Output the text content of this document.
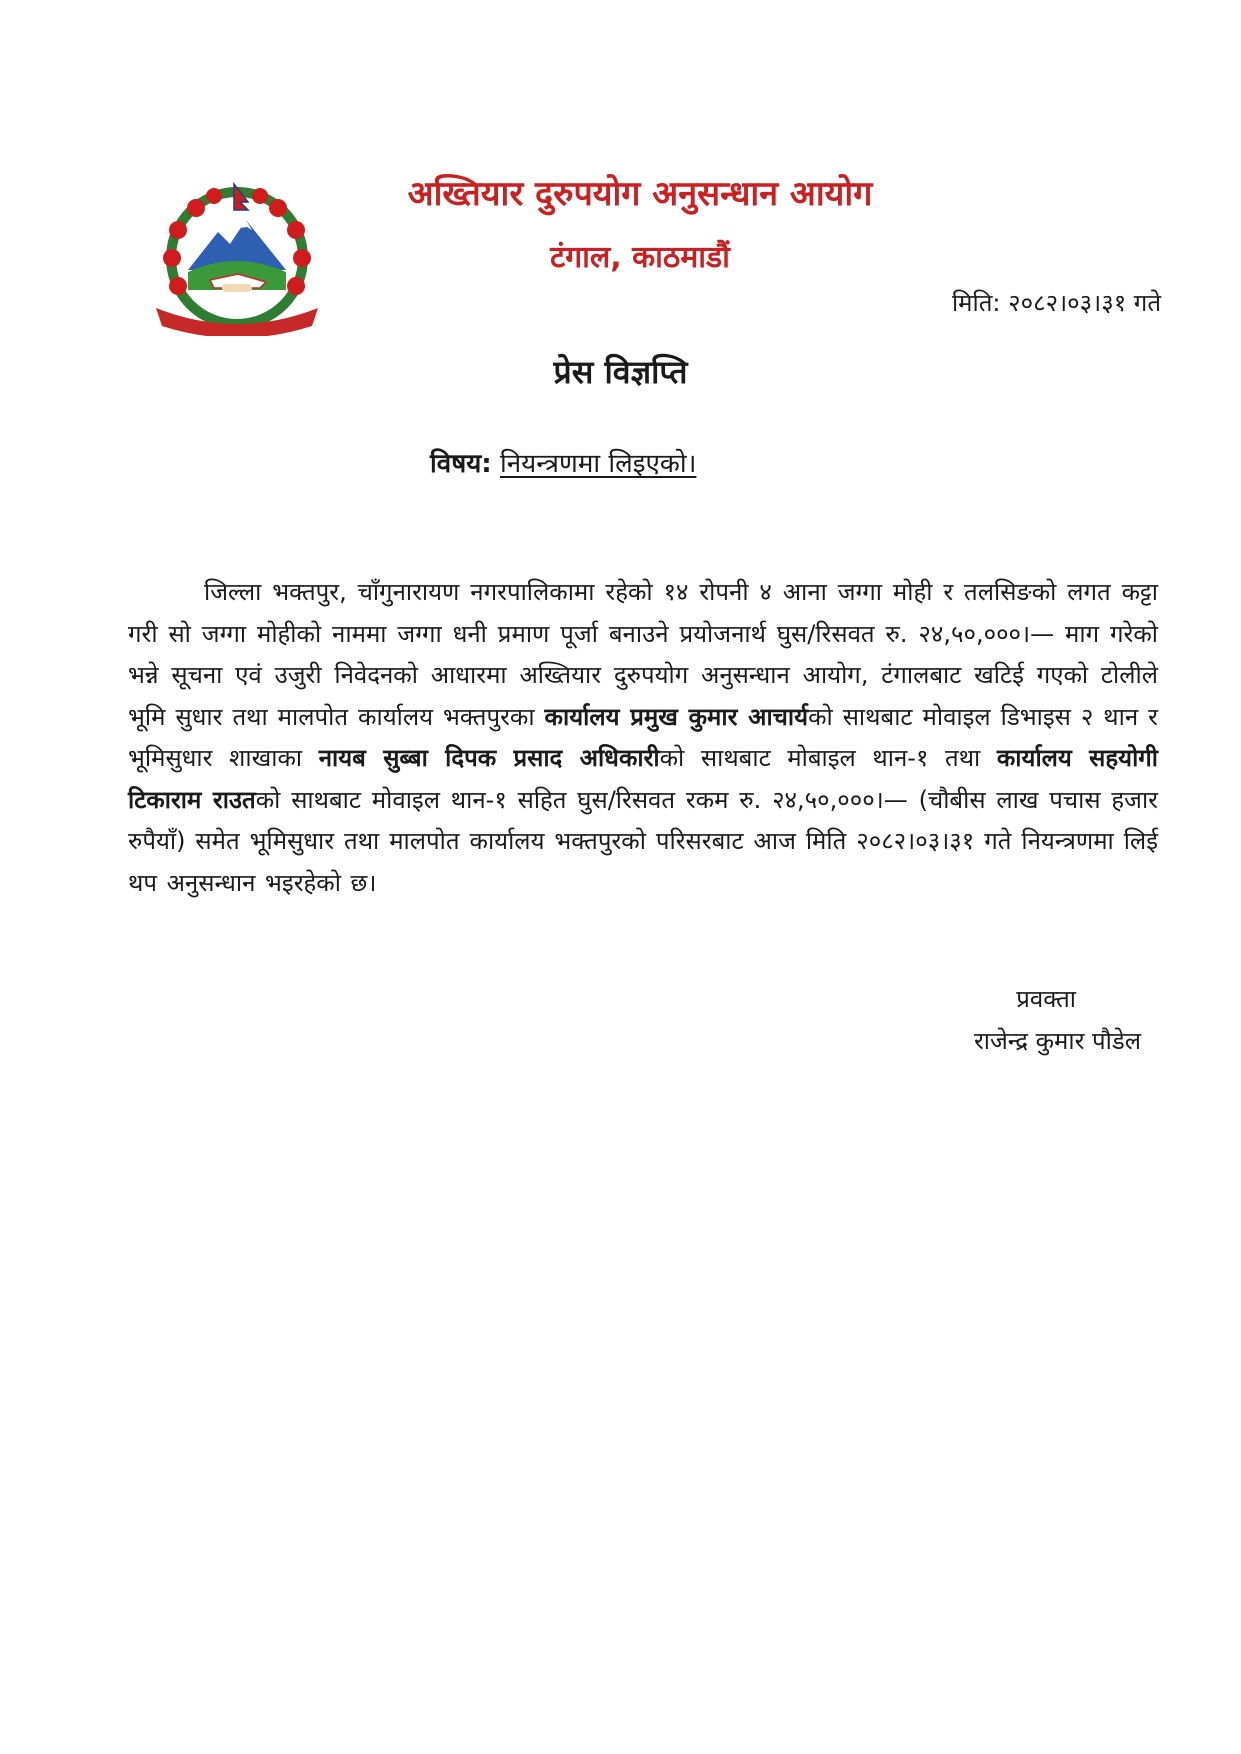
अख्तियार दुरुपयोग अनुसन्धान आयोग
टंगाल, काठमाडौं
मिति: २०८२।०३।३१ गते
प्रेस विज्ञप्ति
विषय: नियन्त्रणमा लिइएको।

जिल्ला भक्तपुर, चाँगुनारायण नगरपालिकामा रहेको १४ रोपनी ४ आना जग्गा मोही र तलसिङको लगत कट्टा गरी सो जग्गा मोहीको नाममा जग्गा धनी प्रमाण पूर्जा बनाउने प्रयोजनार्थ घुस/रिसवत रु. २४,५०,०००।— माग गरेको भन्ने सूचना एवं उजुरी निवेदनको आधारमा अख्तियार दुरुपयोग अनुसन्धान आयोग, टंगालबाट खटिई गएको टोलीले भूमि सुधार तथा मालपोत कार्यालय भक्तपुरका कार्यालय प्रमुख कुमार आचार्यको साथबाट मोवाइल डिभाइस २ थान र भूमिसुधार शाखाका नायब सुब्बा दिपक प्रसाद अधिकारीको साथबाट मोबाइल थान-१ तथा कार्यालय सहयोगी टिकाराम राउतको साथबाट मोवाइल थान-१ सहित घुस/रिसवत रकम रु. २४,५०,०००।— (चौबीस लाख पचास हजार रुपैयाँ) समेत भूमिसुधार तथा मालपोत कार्यालय भक्तपुरको परिसरबाट आज मिति २०८२।०३।३१ गते नियन्त्रणमा लिई थप अनुसन्धान भइरहेको छ।

प्रवक्ता
राजेन्द्र कुमार पौडेल
